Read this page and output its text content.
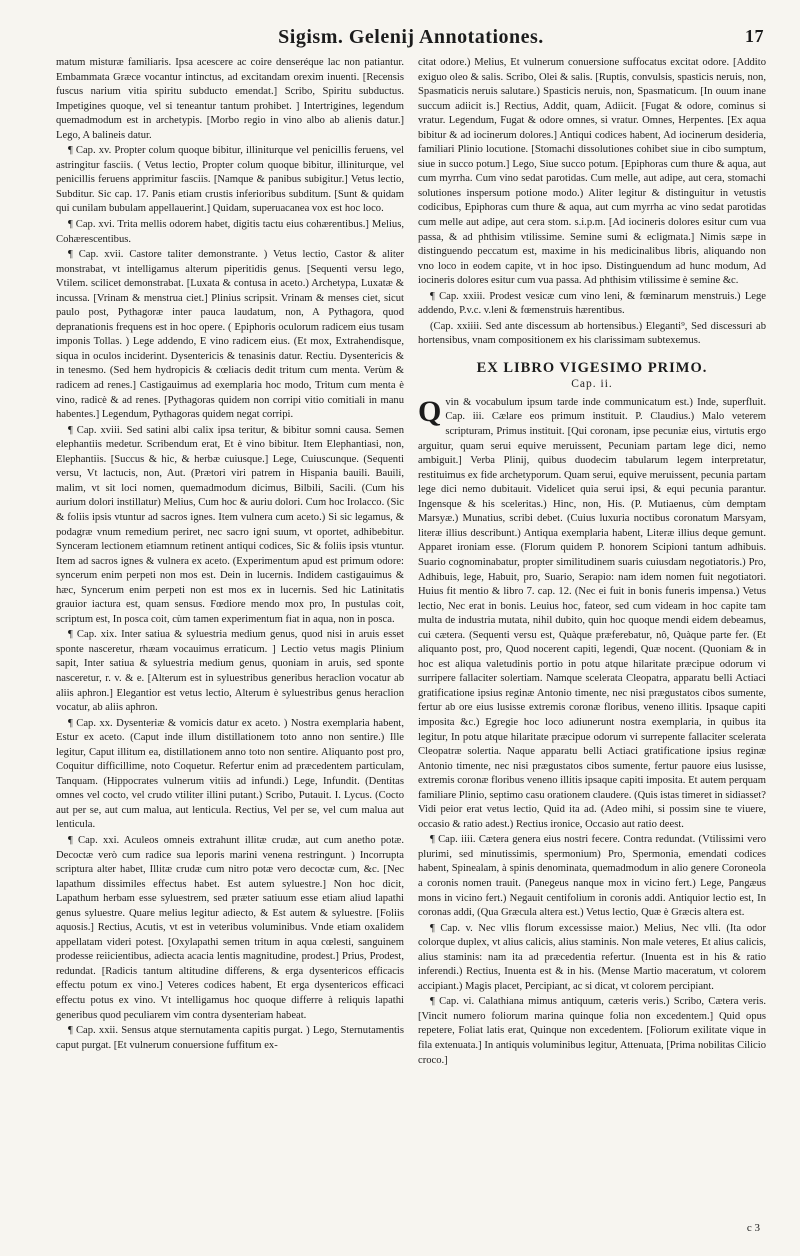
Sigism. Gelenij Annotationes.	17

matum misturæ familiaris. Ipsa acescere ac coire denseréque lac non patiantur. Embammata Græce vocantur intinctus, ad excitandam orexim inuenti. [Recensis fuscus narium vitia spiritu subducto emendat.] Scribo, Spiritu subductus. Impetigines quoque, vel si teneantur tantum prohibet. ] Intertrigines, legendum quemadmodum est in archetypis. [Morbo regio in vino albo ab alienis datur.] Lego, A balineis datur.

¶ Cap. xv. Propter colum quoque bibitur, illiniturque vel penicillis feruens, vel astringitur fasciis. ( Vetus lectio, Propter colum quoque bibitur, illiniturque, vel penicillis feruens apprimitur fasciis. [Namque & panibus subigitur.] Vetus lectio, Subditur. Sic cap. 17. Panis etiam crustis inferioribus subditum. [Sunt & quidam qui cunilam bubulam appellauerint.] Quidam, superuacanea vox est hoc loco.

¶ Cap. xvi. Trita mellis odorem habet, digitis tactu eius cohærentibus.] Melius, Cohærescentibus.

¶ Cap. xvii. Castore taliter demonstrante. ) Vetus lectio, Castor & aliter monstrabat, vt intelligamus alterum piperitidis genus. [Sequenti versu lego, Vtilem. scilicet demonstrabat. [Luxata & contusa in aceto.) Archetypa, Luxatæ & incussa. [Vrinam & menstrua ciet.] Plinius scripsit. Vrinam & menses ciet, sicut paulo post, Pythagoræ inter pauca laudatum, non, A Pythagora, quod depranationis frequens est in hoc opere. ( Epiphoris oculorum radicem eius tusam imponis Tollas. ) Lege addendo, E vino radicem eius. (Et mox, Extrahendisque, siqua in oculos inciderint. Dysentericis & tenasinis datur. Rectiu. Dysentericis & in tenesmo. (Sed hem hydropicis & cœliacis dedit tritum cum menta. Verùm & radicem ad renes.] Castigauimus ad exemplaria hoc modo, Tritum cum menta è vino, radicè & ad renes. [Pythagoras quidem non corripi vitio comitiali in manu habentes.] Legendum, Pythagoras quidem negat corripi.

¶ Cap. xviii. Sed satini albi calix ipsa teritur, & bibitur somni causa. Semen elephantiis medetur. Scribendum erat, Et è vino bibitur. Item Elephantiasi, non, Elephantiis. [Succus & hic, & herbæ cuiusque.] Lege, Cuiuscunque. (Sequenti versu, Vt lactucis, non, Aut. (Prætori viri patrem in Hispania bauili. Bauili, malim, vt sit loci nomen, quemadmodum dicimus, Bilbili, Sacili. (Cum his aurium dolori instillatur) Melius, Cum hoc & auriu dolori. Cum hoc Irolacco. (Sic & foliis ipsis vtuntur ad sacros ignes. Item vulnera cum aceto.) Si sic legamus, & podagræ vnum remedium periret, nec sacro igni suum, vt oportet, adhibebitur. Synceram lectionem etiamnum retinent antiqui codices, Sic & foliis ipsis vtuntur. Item ad sacros ignes & vulnera ex aceto. (Experimentum apud est primum odore: syncerum enim perpeti non mos est. Dein in lucernis. Indidem castigauimus & hæc, Syncerum enim perpeti non est mos ex in lucernis. Sed hic Latinitatis grauior iactura est, quam sensus. Fœdiore mendo mox pro, In pustulas coit, scriptum est, In posca coit, cùm tamen experimentum fiat in aqua, non in posca.

¶ Cap. xix. Inter satiua & syluestria medium genus, quod nisi in aruis esset sponte nasceretur, rhæam vocauimus erraticum. ] Lectio vetus magis Plinium sapit, Inter satiua & syluestria medium genus, quoniam in aruis, sed sponte nasceretur, r. v. & e. [Alterum est in syluestribus generibus heraclion vocatur ab aliis aphron.] Elegantior est vetus lectio, Alterum è syluestribus genus heraclion vocatur, ab aliis aphron.

¶ Cap. xx. Dysenteriæ & vomicis datur ex aceto. ) Nostra exemplaria habent, Estur ex aceto. (Caput inde illum distillationem toto anno non sentire.) Ille legitur, Caput illitum ea, distillationem anno toto non sentire. Aliquanto post pro, Coquitur difficillime, noto Coquetur. Refertur enim ad præcedentem particulam, Tanquam. (Hippocrates vulnerum vitiis ad infundi.) Lege, Infundit. (Dentitas omnes vel cocto, vel crudo vtiliter illini putant.) Scribo, Putauit. I. Lycus. (Cocto aut per se, aut cum malua, aut lenticula. Rectius, Vel per se, vel cum malua aut lenticula.

¶ Cap. xxi. Aculeos omneis extrahunt illitæ crudæ, aut cum anetho potæ. Decoctæ verò cum radice sua leporis marini venena restringunt. ) Incorrupta scriptura alter habet, Illitæ crudæ cum nitro potæ vero decoctæ cum, &c. [Nec lapathum dissimiles effectus habet. Est autem syluestre.] Non hoc dicit, Lapathum herbam esse syluestrem, sed præter satiuum esse etiam aliud lapathi genus syluestre. Quare melius legitur adiecto, & Est autem & syluestre. [Foliis aquosis.] Rectius, Acutis, vt est in veteribus voluminibus. Vnde etiam oxalidem appellatam videri potest. [Oxylapathi semen tritum in aqua cœlesti, sanguinem prodesse reiicientibus, adiecta acacia lentis magnitudine, prodest.] Prius, Prodest, redundat. [Radicis tantum altitudine differens, & erga dysentericos efficacis effectu potum ex vino.] Veteres codices habent, Et erga dysentericos efficaci effectu potus ex vino. Vt intelligamus hoc quoque differre à reliquis lapathi generibus quod peculiarem vim contra dysenteriam habeat.

¶ Cap. xxii. Sensus atque sternutamenta capitis purgat. ) Lego, Sternutamentis caput purgat. [Et vulnerum conuersione fuffitum ex-

citat odore.) Melius, Et vulnerum conuersione suffocatus excitat odore. [Addito exiguo oleo & salis. Scribo, Olei & salis. [Ruptis, convulsis, spasticis neruis, non, Spasmaticis neruis salutare.) Spasticis neruis, non, Spasmaticum. [In ouum inane succum adiicit is.] Rectius, Addit, quam, Adiicit. [Fugat & odore, cominus si vratur. Legendum, Fugat & odore omnes, si vratur. Omnes, Herpentes. [Ex aqua bibitur & ad iocinerum dolores.] Antiqui codices habent, Ad iocinerum desideria, familiari Plinio locutione. [Stomachi dissolutiones cohibet siue in cibo sumptum, siue in succo potum.] Lego, Siue succo potum. [Epiphoras cum thure & aqua, aut cum myrrha. Cum vino sedat parotidas. Cum melle, aut adipe, aut cera, stomachi solutiones inspersum potione modo.) Aliter legitur & distinguitur in vetustis codicibus, Epiphoras cum thure & aqua, aut cum myrrha ac vino sedat parotidas cum melle aut adipe, aut cera stom. s.i.p.m. [Ad iocineris dolores esitur cum vua passa, & ad phthisim vtilissime. Semine sumi & ecligmata.] Nimis sæpe in distinguendo peccatum est, maxime in his medicinalibus libris, aliquando non vno loco in eodem capite, vt in hoc ipso. Distinguendum ad hunc modum, Ad iocineris dolores esitur cum vua passa. Ad phthisim vtilissime è semine &c.

¶ Cap. xxiii. Prodest vesicæ cum vino leni, & fœminarum menstruis.) Lege addendo, P.v.c. v.leni & fœmenstruis hærentibus.

(Cap. xxiiii. Sed ante discessum ab hortensibus.) Eleganti⁹, Sed discessuri ab hortensibus, vnam compositionem ex his clarissimam subtexemus.

EX LIBRO VIGESIMO PRIMO.
Cap. ii.

Qvin & vocabulum ipsum tarde inde communicatum est.) Inde, superfluit. Cap. iii. Cælare eos primum instituit. P. Claudius.) Malo veterem scripturam, Primus instituit. [Qui coronam, ipse pecuniæ eius, virtutis ergo arguitur, quam serui equive meruissent, Pecuniam partam lege dici, nemo ambiguit.] Verba Plinij, quibus duodecim tabularum legem interpretatur, restituimus ex fide archetyporum. Quam serui, equive meruissent, pecunia partam lege dici nemo dubitauit. Videlicet quia serui ipsi, & equi pecunia parantur. Ingensque & his sceleritas.) Hinc, non, His. (P. Mutiaenus, cùm demptam Marsyæ.) Munatius, scribi debet. (Cuius luxuria noctibus coronatum Marsyam, literæ illius describunt.) Antiqua exemplaria habent, Literæ illius deque gemunt. Apparet ironiam esse. (Florum quidem P. honorem Scipioni tantum adhibuis. Suario cognominabatur, propter similitudinem suaris cuiusdam negotiatoris.) Pro, Adhibuis, lege, Habuit, pro, Suario, Serapio: nam idem nomen fuit negotiatori. Huius fit mentio & libro 7. cap. 12. (Nec ei fuit in bonis funeris impensa.) Vetus lectio, Nec erat in bonis. Leuius hoc, fateor, sed cum videam in hoc capite tam multa de industria mutata, nihil dubito, quin hoc quoque mendi eidem debeamus, cui cætera. (Sequenti versu est, Quàque præferebatur, nô, Quàque parte fer. (Et aliquanto post, pro, Quod nocerent capiti, legendi, Quæ nocent. (Quoniam & in hoc est aliqua valetudinis portio in potu atque hilaritate præcipue odorum vi surripere fallaciter solertiam. Namque scelerata Cleopatra, apparatu belli Actiaci gratificatione ipsius reginæ Antonio timente, nec nisi prægustatos cibos sumente, fertur ab ore eius lusisse extremis coronæ floribus, veneno illitis. Ipsaque capiti imposita &c.) Egregie hoc loco adiunerunt nostra exemplaria, in quibus ita legitur, In potu atque hilaritate præcipue odorum vi surrepente fallaciter scelerata Cleopatræ solertia. Naque apparatu belli Actiaci gratificatione ipsius reginæ Antonio timente, nec nisi prægustatos cibos sumente, fertur pauore eius lusisse, extremis coronæ floribus veneno illitis ipsaque capiti imposita. Et autem perquam familiare Plinio, septimo casu orationem claudere. (Quis istas timeret in sidiasset? Vidi peior erat vetus lectio, Quid ita ad. (Adeo mihi, si possim sine te viuere, occasio & ratio adest.) Rectius ironice, Occasio aut ratio deest.

¶ Cap. iiii. Cætera genera eius nostri fecere. Contra redundat. (Vtilissimi vero plurimi, sed minutissimis, spermonium) Pro, Spermonia, emendati codices habent, Spinealam, à spinis denominata, quemadmodum in alio genere Coroneola a coronis nomen trauit. (Panegeus nanque mox in vicino fert.) Lege, Pangæus mons in vicino fert.) Negauit centifolium in coronis addi. Antiquior lectio est, In coronas addi, (Qua Græcula altera est.) Vetus lectio, Quæ è Græcis altera est.

¶ Cap. v. Nec vllis florum excessisse maior.) Melius, Nec vlli. (Ita odor colorque duplex, vt alius calicis, alius staminis. Non male veteres, Et alius calicis, alius staminis: nam ita ad præcedentia refertur. (Inuenta est in his & ratio inferendi.) Rectius, Inuenta est & in his. (Mense Martio maceratum, vt colorem accipiant.) Magis placet, Percipiant, ac si dicat, vt colorem percipiant.

¶ Cap. vi. Calathiana mimus antiquum, cæteris veris.) Scribo, Cætera veris. [Vincit numero foliorum marina quinque folia non excedentem.] Quid opus repetere, Foliat latis erat, Quinque non excedentem. [Foliorum exilitate vique in fila extenuata.] In antiquis voluminibus legitur, Attenuata, [Prima nobilitas Cilicio croco.]

c 3
